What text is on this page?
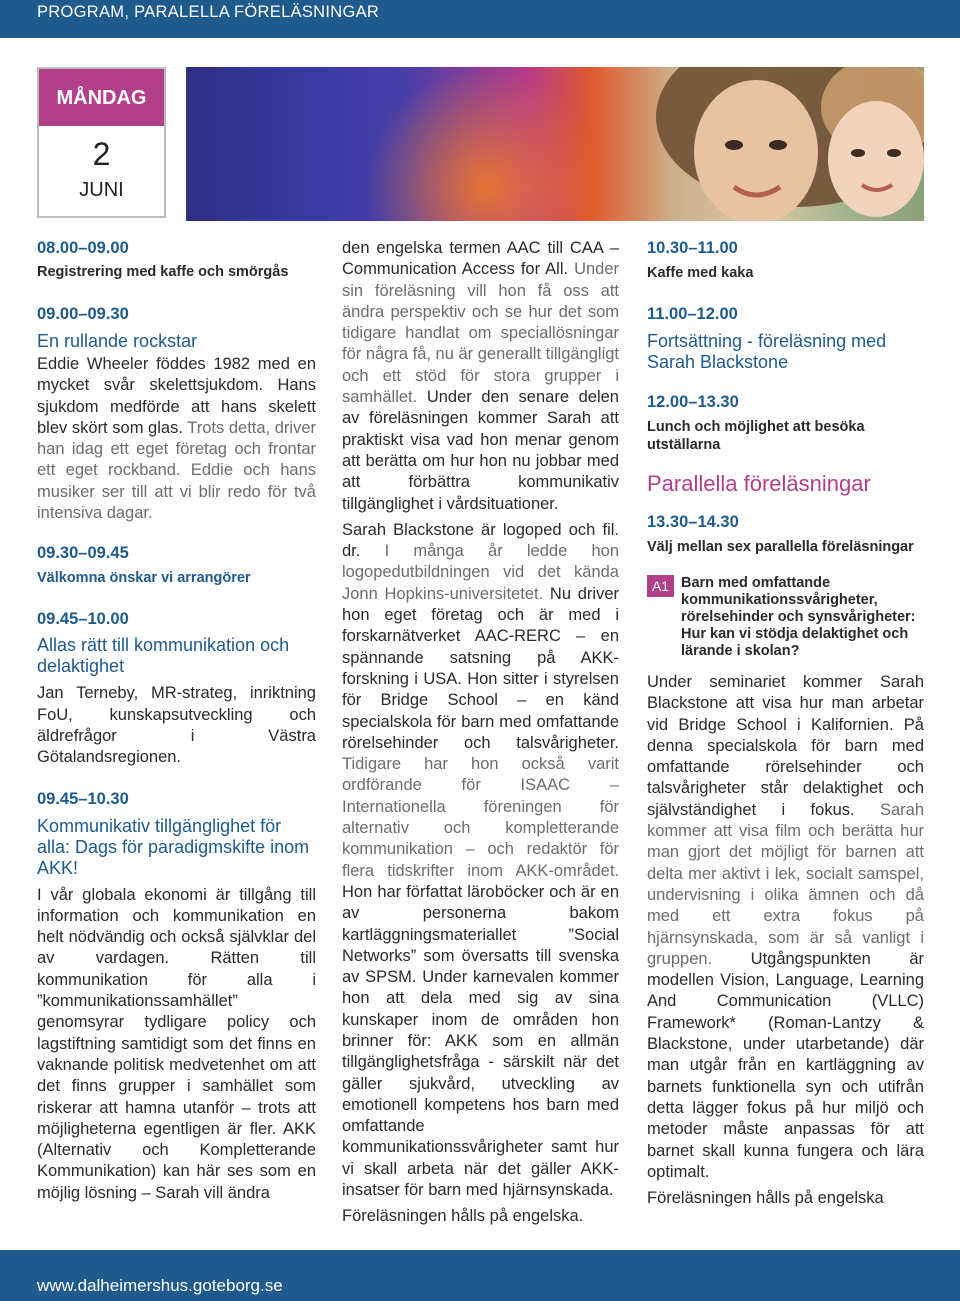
PROGRAM, PARALELLA FÖRELÄSNINGAR
MÅNDAG
2
JUNI
08.00–09.00
Registrering med kaffe och smörgås
09.00–09.30
En rullande rockstar
Eddie Wheeler föddes 1982 med en mycket svår skelettsjukdom. Hans sjukdom medförde att hans skelett blev skört som glas. Trots detta, driver han idag ett eget företag och frontar ett eget rockband. Eddie och hans musiker ser till att vi blir redo för två intensiva dagar.
09.30–09.45
Välkomna önskar vi arrangörer
09.45–10.00
Allas rätt till kommunikation och delaktighet
Jan Terneby, MR-strateg, inriktning FoU, kunskapsutveckling och äldrefrågor i Västra Götalandsregionen.
09.45–10.30
Kommunikativ tillgänglighet för alla: Dags för paradigmskifte inom AKK!
I vår globala ekonomi är tillgång till information och kommunikation en helt nödvändig och också självklar del av vardagen. Rätten till kommunikation för alla i ”kommunikationssamhället” genomsyrar tydligare policy och lagstiftning samtidigt som det finns en vaknande politisk medvetenhet om att det finns grupper i samhället som riskerar att hamna utanför – trots att möjligheterna egentligen är fler. AKK (Alternativ och Kompletterande Kommunikation) kan här ses som en möjlig lösning – Sarah vill ändra
den engelska termen AAC till CAA – Communication Access for All. Under sin föreläsning vill hon få oss att ändra perspektiv och se hur det som tidigare handlat om speciallösningar för några få, nu är generallt tillgängligt och ett stöd för stora grupper i samhället. Under den senare delen av föreläsningen kommer Sarah att praktiskt visa vad hon menar genom att berätta om hur hon nu jobbar med att förbättra kommunikativ tillgänglighet i vårdsituationer.
Sarah Blackstone är logoped och fil. dr. I många år ledde hon logopedutbildningen vid det kända Jonn Hopkins-universitetet. Nu driver hon eget företag och är med i forskarnätverket AAC-RERC – en spännande satsning på AKK-forskning i USA. Hon sitter i styrelsen för Bridge School – en känd specialskola för barn med omfattande rörelsehinder och talsvårigheter. Tidigare har hon också varit ordförande för ISAAC – Internationella föreningen för alternativ och kompletterande kommunikation – och redaktör för flera tidskrifter inom AKK-området. Hon har författat läroböcker och är en av personerna bakom kartläggningsmateriallet ”Social Networks” som översatts till svenska av SPSM. Under karnevalen kommer hon att dela med sig av sina kunskaper inom de områden hon brinner för: AKK som en allmän tillgänglighetsfråga - särskilt när det gäller sjukvård, utveckling av emotionell kompetens hos barn med omfattande kommunikationssvårigheter samt hur vi skall arbeta när det gäller AKK-insatser för barn med hjärnsynskada.
Föreläsningen hålls på engelska.
10.30–11.00
Kaffe med kaka
11.00–12.00
Fortsättning - föreläsning med Sarah Blackstone
12.00–13.30
Lunch och möjlighet att besöka utställarna
Parallella föreläsningar
13.30–14.30
Välj mellan sex parallella föreläsningar
A1 Barn med omfattande kommunikationssvårigheter, rörelsehinder och synsvårigheter: Hur kan vi stödja delaktighet och lärande i skolan?
Under seminariet kommer Sarah Blackstone att visa hur man arbetar vid Bridge School i Kalifornien. På denna specialskola för barn med omfattande rörelsehinder och talsvårigheter står delaktighet och självständighet i fokus. Sarah kommer att visa film och berätta hur man gjort det möjligt för barnen att delta mer aktivt i lek, socialt samspel, undervisning i olika ämnen och då med ett extra fokus på hjärnsynskada, som är så vanligt i gruppen. Utgångspunkten är modellen Vision, Language, Learning And Communication (VLLC) Framework* (Roman-Lantzy & Blackstone, under utarbetande) där man utgår från en kartläggning av barnets funktionella syn och utifrån detta lägger fokus på hur miljö och metoder måste anpassas för att barnet skall kunna fungera och lära optimalt.
Föreläsningen hålls på engelska
www.dalheimershus.goteborg.se
